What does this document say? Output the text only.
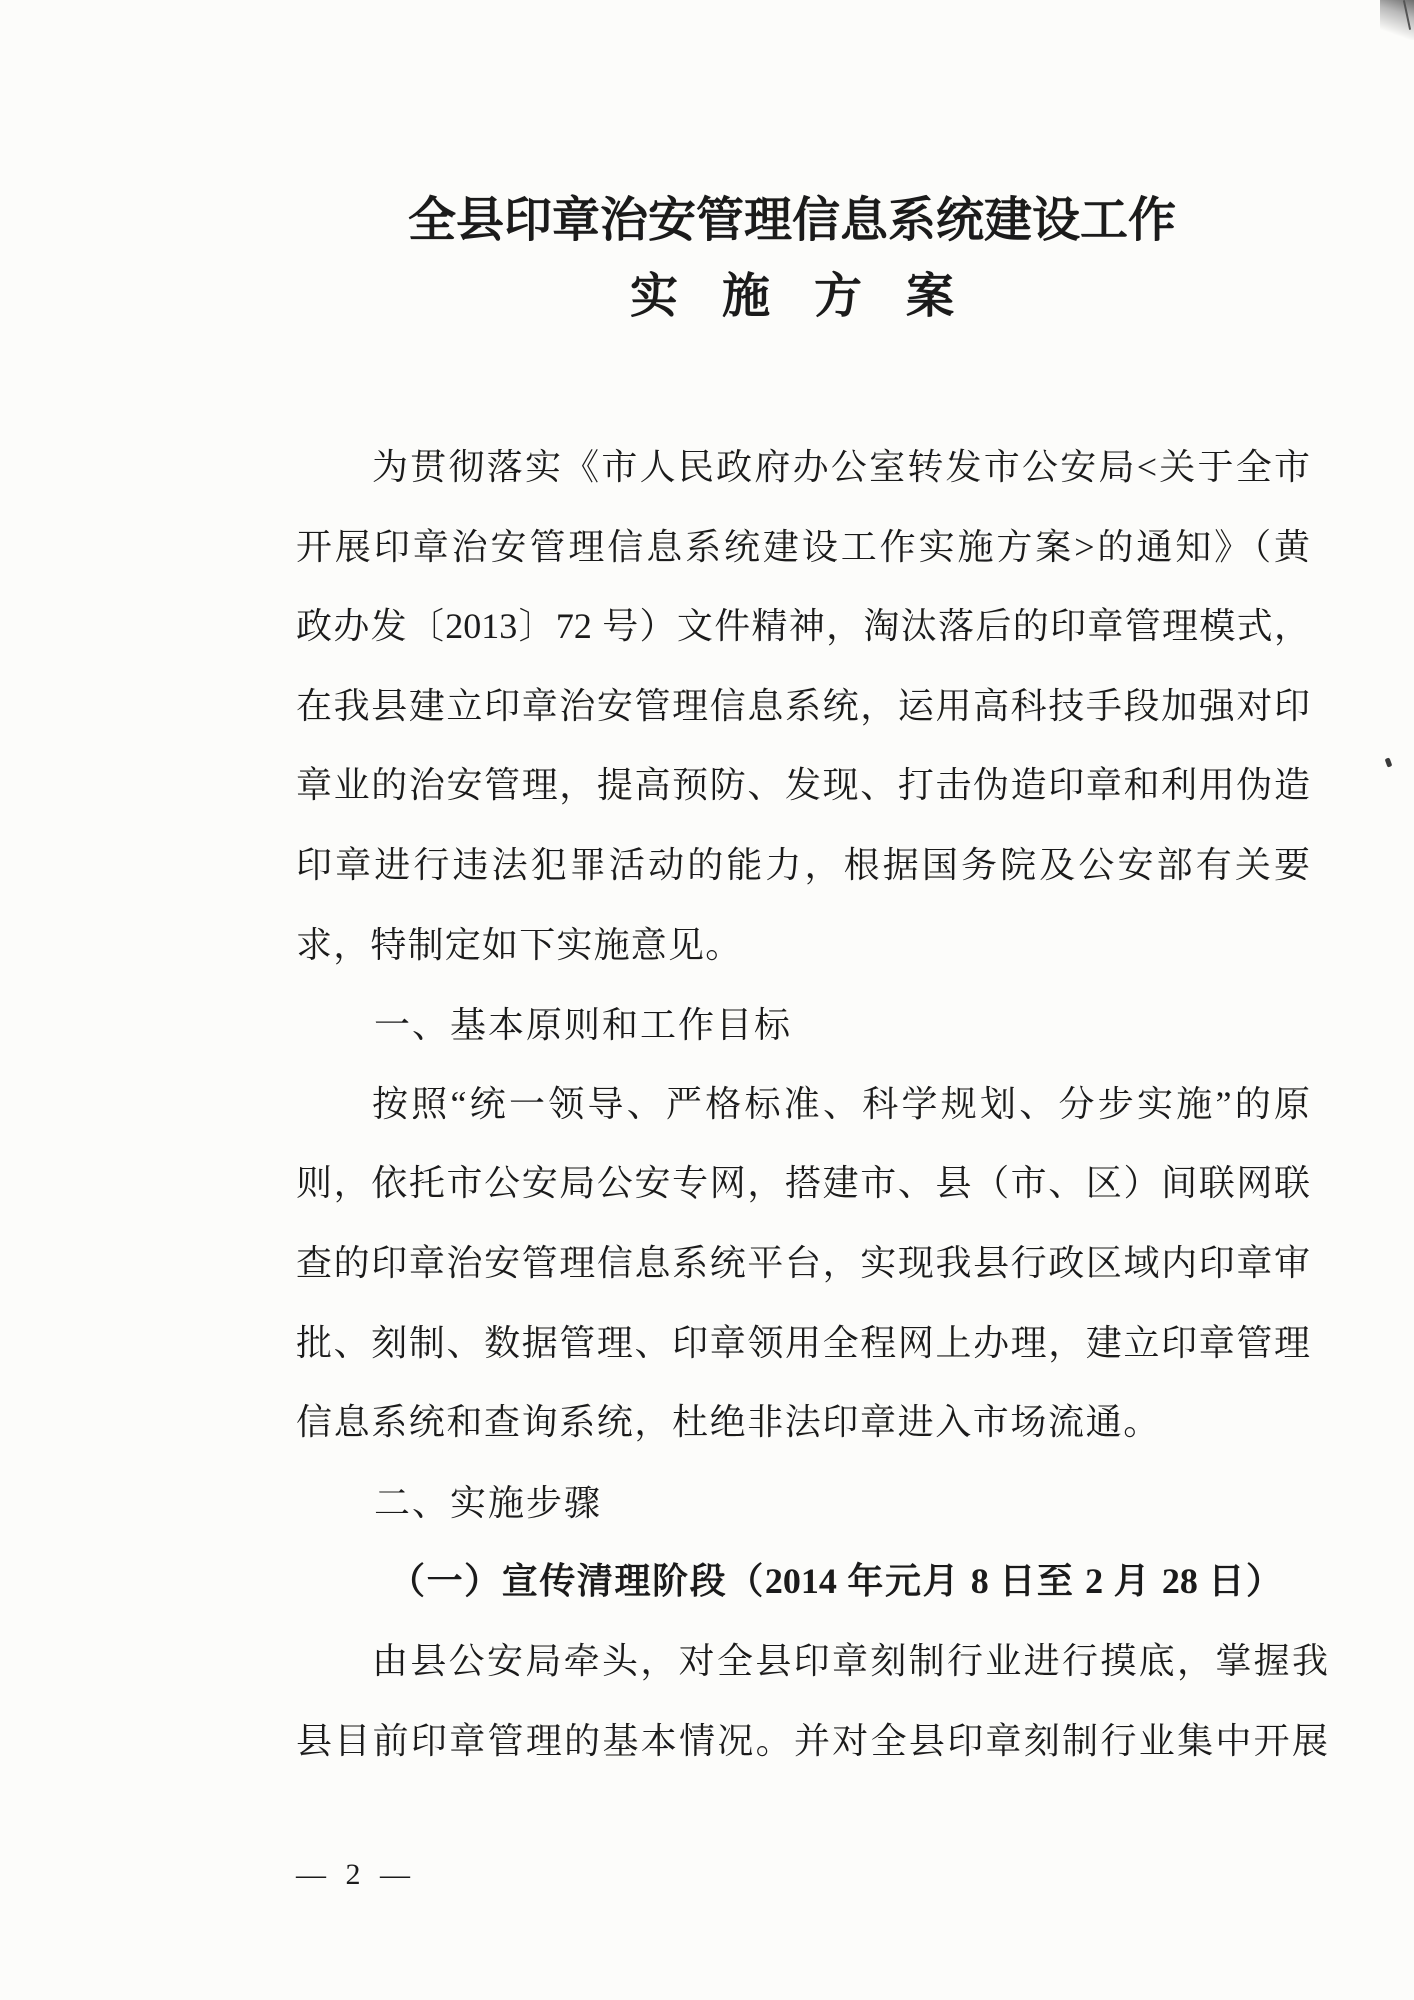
全县印章治安管理信息系统建设工作
实 施 方 案
为贯彻落实《市人民政府办公室转发市公安局<关于全市
开展印章治安管理信息系统建设工作实施方案>的通知》（黄
政办发〔2013〕72 号）文件精神，淘汰落后的印章管理模式，
在我县建立印章治安管理信息系统，运用高科技手段加强对印
章业的治安管理，提高预防、发现、打击伪造印章和利用伪造
印章进行违法犯罪活动的能力，根据国务院及公安部有关要
求，特制定如下实施意见。
一、基本原则和工作目标
按照“统一领导、严格标准、科学规划、分步实施”的原
则，依托市公安局公安专网，搭建市、县（市、区）间联网联
查的印章治安管理信息系统平台，实现我县行政区域内印章审
批、刻制、数据管理、印章领用全程网上办理，建立印章管理
信息系统和查询系统，杜绝非法印章进入市场流通。
二、实施步骤
（一）宣传清理阶段（2014 年元月 8 日至 2 月 28 日）
由县公安局牵头，对全县印章刻制行业进行摸底，掌握我
县目前印章管理的基本情况。并对全县印章刻制行业集中开展
— 2 —
